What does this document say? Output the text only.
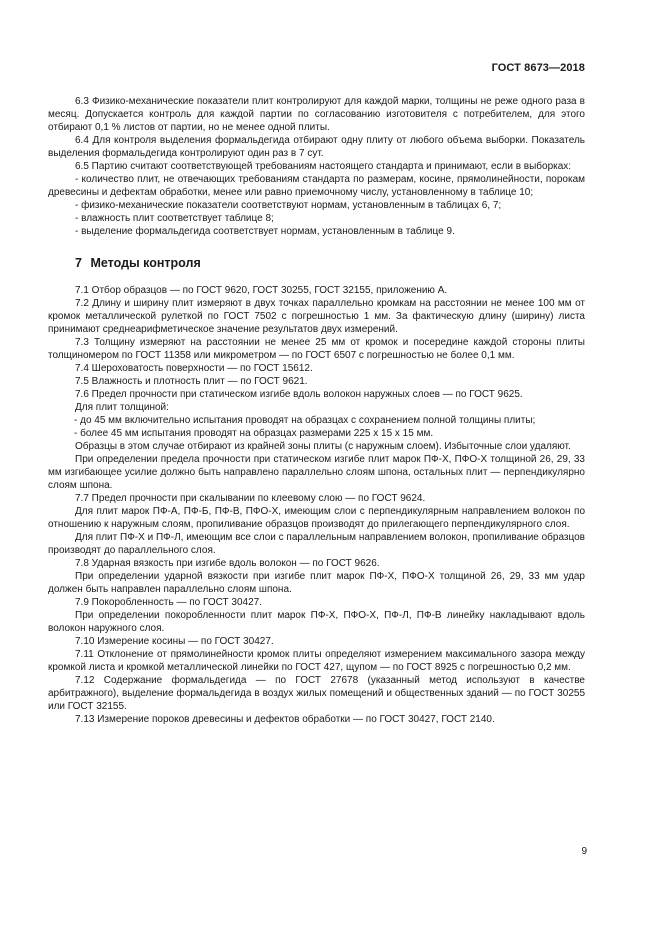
ГОСТ 8673—2018

6.3 Физико-механические показатели плит контролируют для каждой марки, толщины не реже одного раза в месяц. Допускается контроль для каждой партии по согласованию изготовителя с потребителем, для этого отбирают 0,1 % листов от партии, но не менее одной плиты.

6.4 Для контроля выделения формальдегида отбирают одну плиту от любого объема выборки. Показатель выделения формальдегида контролируют один раз в 7 сут.

6.5 Партию считают соответствующей требованиям настоящего стандарта и принимают, если в выборках:

- количество плит, не отвечающих требованиям стандарта по размерам, косине, прямолинейности, порокам древесины и дефектам обработки, менее или равно приемочному числу, установленному в таблице 10;

- физико-механические показатели соответствуют нормам, установленным в таблицах 6, 7;

- влажность плит соответствует таблице 8;

- выделение формальдегида соответствует нормам, установленным в таблице 9.

7 Методы контроля

7.1 Отбор образцов — по ГОСТ 9620, ГОСТ 30255, ГОСТ 32155, приложению А.

7.2 Длину и ширину плит измеряют в двух точках параллельно кромкам на расстоянии не менее 100 мм от кромок металлической рулеткой по ГОСТ 7502 с погрешностью 1 мм. За фактическую длину (ширину) листа принимают среднеарифметическое значение результатов двух измерений.

7.3 Толщину измеряют на расстоянии не менее 25 мм от кромок и посередине каждой стороны плиты толщиномером по ГОСТ 11358 или микрометром — по ГОСТ 6507 с погрешностью не более 0,1 мм.

7.4 Шероховатость поверхности — по ГОСТ 15612.

7.5 Влажность и плотность плит — по ГОСТ 9621.

7.6 Предел прочности при статическом изгибе вдоль волокон наружных слоев — по ГОСТ 9625.

Для плит толщиной:

- до 45 мм включительно испытания проводят на образцах с сохранением полной толщины плиты;

- более 45 мм испытания проводят на образцах размерами 225 х 15 х 15 мм.

Образцы в этом случае отбирают из крайней зоны плиты (с наружным слоем). Избыточные слои удаляют.

При определении предела прочности при статическом изгибе плит марок ПФ-Х, ПФО-Х толщиной 26, 29, 33 мм изгибающее усилие должно быть направлено параллельно слоям шпона, остальных плит — перпендикулярно слоям шпона.

7.7 Предел прочности при скалывании по клеевому слою — по ГОСТ 9624.

Для плит марок ПФ-А, ПФ-Б, ПФ-В, ПФО-Х, имеющим слои с перпендикулярным направлением волокон по отношению к наружным слоям, пропиливание образцов производят до прилегающего перпендикулярного слоя.

Для плит ПФ-Х и ПФ-Л, имеющим все слои с параллельным направлением волокон, пропиливание образцов производят до параллельного слоя.

7.8 Ударная вязкость при изгибе вдоль волокон — по ГОСТ 9626.

При определении ударной вязкости при изгибе плит марок ПФ-Х, ПФО-Х толщиной 26, 29, 33 мм удар должен быть направлен параллельно слоям шпона.

7.9 Покоробленность — по ГОСТ 30427.

При определении покоробленности плит марок ПФ-Х, ПФО-Х, ПФ-Л, ПФ-В линейку накладывают вдоль волокон наружного слоя.

7.10 Измерение косины — по ГОСТ 30427.

7.11 Отклонение от прямолинейности кромок плиты определяют измерением максимального зазора между кромкой листа и кромкой металлической линейки по ГОСТ 427, щупом — по ГОСТ 8925 с погрешностью 0,2 мм.

7.12 Содержание формальдегида — по ГОСТ 27678 (указанный метод используют в качестве арбитражного), выделение формальдегида в воздух жилых помещений и общественных зданий — по ГОСТ 30255 или ГОСТ 32155.

7.13 Измерение пороков древесины и дефектов обработки — по ГОСТ 30427, ГОСТ 2140.

9
